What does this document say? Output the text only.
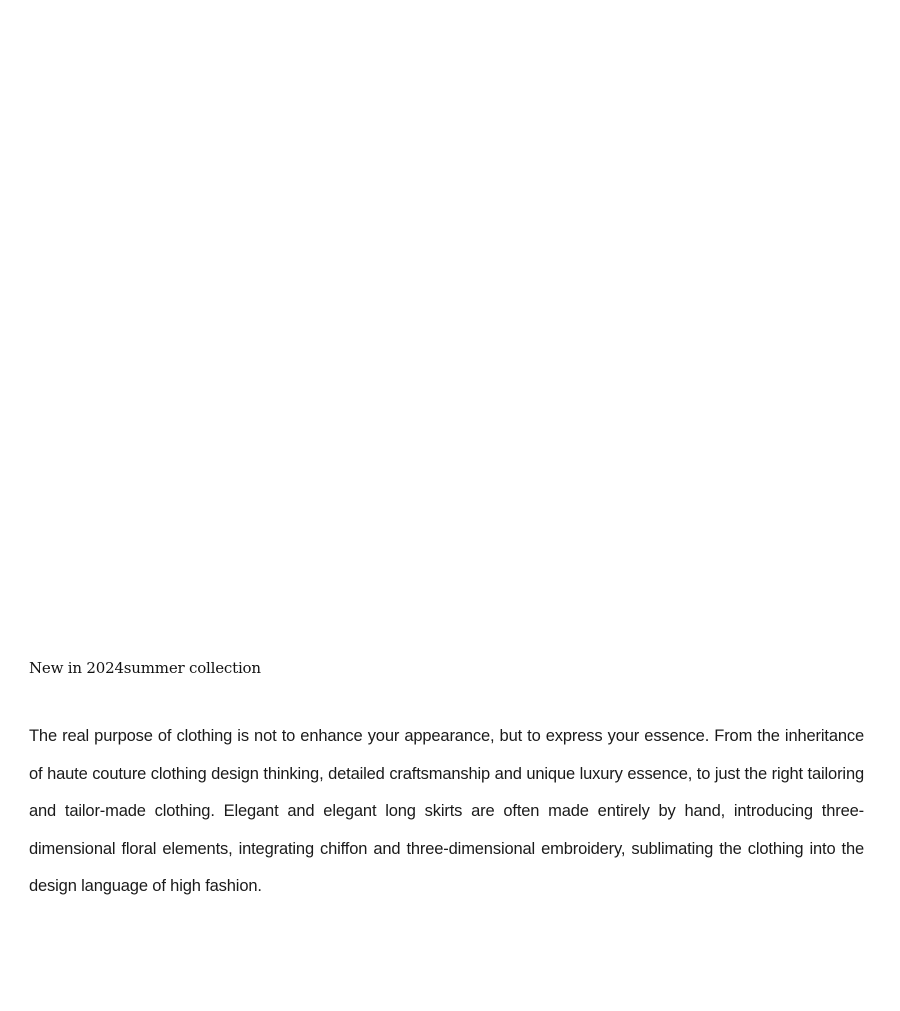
New in 2024summer collection

The real purpose of clothing is not to enhance your appearance, but to express your essence. From the inheritance of haute couture clothing design thinking, detailed craftsmanship and unique luxury essence, to just the right tailoring and tailor-made clothing. Elegant and elegant long skirts are often made entirely by hand, introducing three-dimensional floral elements, integrating chiffon and three-dimensional embroidery, sublimating the clothing into the design language of high fashion.
